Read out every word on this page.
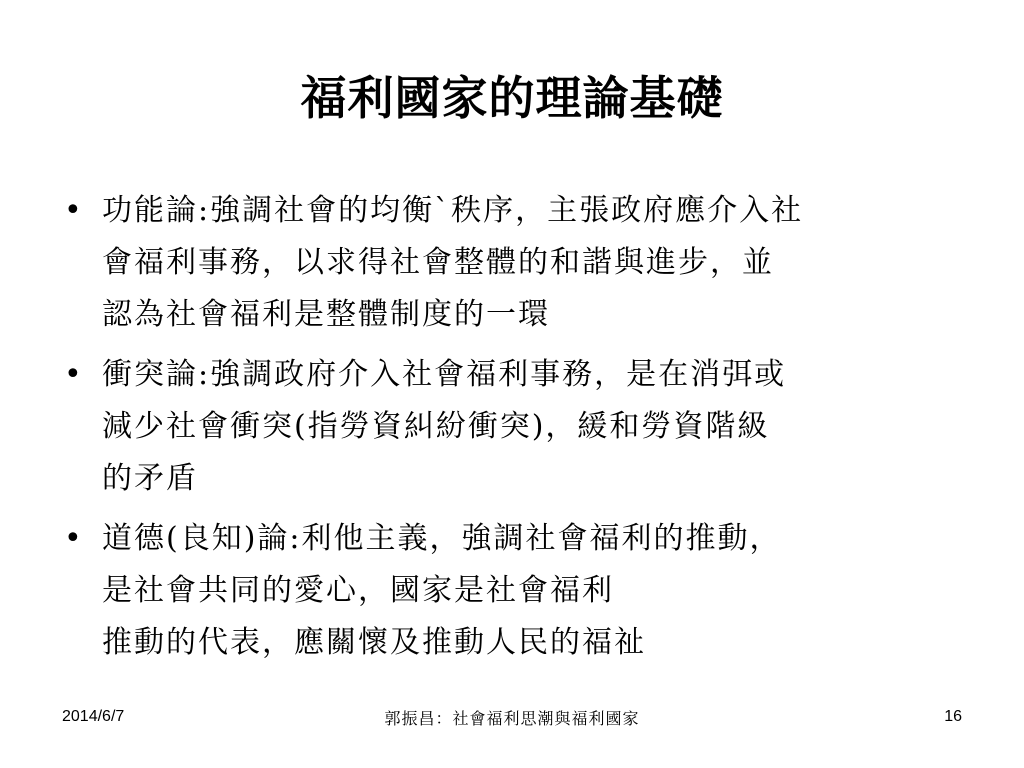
福利國家的理論基礎
• 功能論:強調社會的均衡`秩序，主張政府應介入社
會福利事務，以求得社會整體的和諧與進步，並
認為社會福利是整體制度的一環
• 衝突論:強調政府介入社會福利事務，是在消弭或
減少社會衝突(指勞資糾紛衝突)，緩和勞資階級
的矛盾
• 道德(良知)論:利他主義，強調社會福利的推動，
是社會共同的愛心，國家是社會福利
推動的代表，應關懷及推動人民的福祉
2014/6/7	郭振昌：社會福利思潮與福利國家	16
